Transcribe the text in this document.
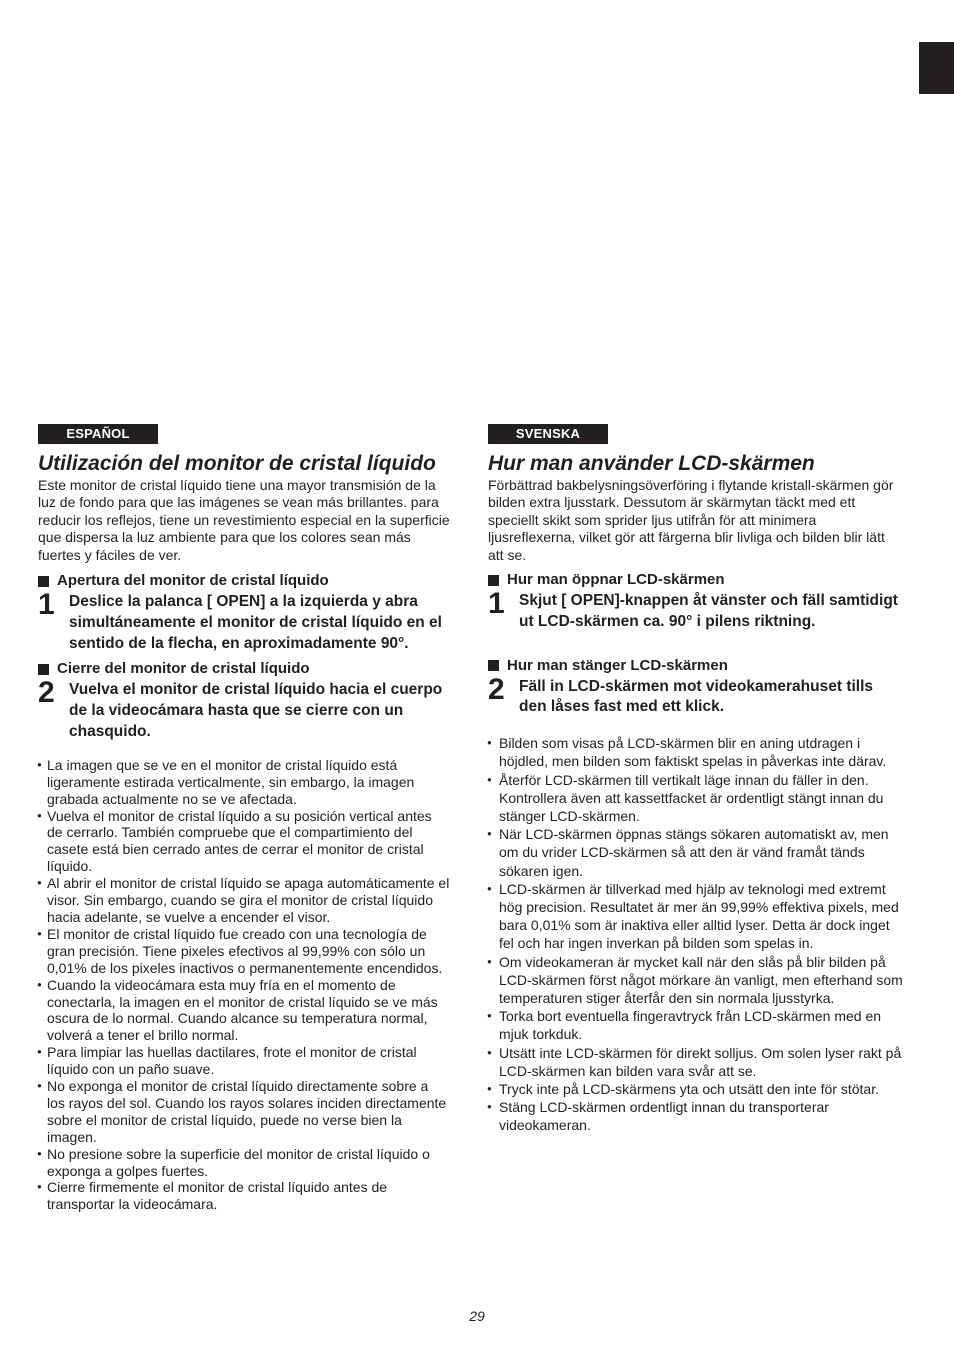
ESPAÑOL
Utilización del monitor de cristal líquido

Este monitor de cristal líquido tiene una mayor transmisión de la luz de fondo para que las imágenes se vean más brillantes. para reducir los reflejos, tiene un revestimiento especial en la superficie que dispersa la luz ambiente para que los colores sean más fuertes y fáciles de ver.

Apertura del monitor de cristal líquido
1 Deslice la palanca [ OPEN] a la izquierda y abra simultáneamente el monitor de cristal líquido en el sentido de la flecha, en aproximadamente 90°.
Cierre del monitor de cristal líquido
2 Vuelva el monitor de cristal líquido hacia el cuerpo de la videocámara hasta que se cierre con un chasquido.
● La imagen que se ve en el monitor de cristal líquido está ligeramente estirada verticalmente, sin embargo, la imagen grabada actualmente no se ve afectada.
● Vuelva el monitor de cristal líquido a su posición vertical antes de cerrarlo. También compruebe que el compartimiento del casete está bien cerrado antes de cerrar el monitor de cristal líquido.
● Al abrir el monitor de cristal líquido se apaga automáticamente el visor. Sin embargo, cuando se gira el monitor de cristal líquido hacia adelante, se vuelve a encender el visor.
● El monitor de cristal líquido fue creado con una tecnología de gran precisión. Tiene pixeles efectivos al 99,99% con sólo un 0,01% de los pixeles inactivos o permanentemente encendidos.
● Cuando la videocámara esta muy fría en el momento de conectarla, la imagen en el monitor de cristal líquido se ve más oscura de lo normal. Cuando alcance su temperatura normal, volverá a tener el brillo normal.
● Para limpiar las huellas dactilares, frote el monitor de cristal líquido con un paño suave.
● No exponga el monitor de cristal líquido directamente sobre a los rayos del sol. Cuando los rayos solares inciden directamente sobre el monitor de cristal líquido, puede no verse bien la imagen.
● No presione sobre la superficie del monitor de cristal líquido o exponga a golpes fuertes.
● Cierre firmemente el monitor de cristal líquido antes de transportar la videocámara.
SVENSKA
Hur man använder LCD-skärmen

Förbättrad bakbelysningsöverföring i flytande kristall-skärmen gör bilden extra ljusstark. Dessutom är skärmytan täckt med ett speciellt skikt som sprider ljus utifrån för att minimera ljusreflexerna, vilket gör att färgerna blir livliga och bilden blir lätt att se.

Hur man öppnar LCD-skärmen
1 Skjut [ OPEN]-knappen åt vänster och fäll samtidigt ut LCD-skärmen ca. 90° i pilens riktning.
Hur man stänger LCD-skärmen
2 Fäll in LCD-skärmen mot videokamerahuset tills den låses fast med ett klick.
● Bilden som visas på LCD-skärmen blir en aning utdragen i höjdled, men bilden som faktiskt spelas in påverkas inte därav.
● Återför LCD-skärmen till vertikalt läge innan du fäller in den. Kontrollera även att kassettfacket är ordentligt stängt innan du stänger LCD-skärmen.
● När LCD-skärmen öppnas stängs sökaren automatiskt av, men om du vrider LCD-skärmen så att den är vänd framåt tänds sökaren igen.
● LCD-skärmen är tillverkad med hjälp av teknologi med extremt hög precision. Resultatet är mer än 99,99% effektiva pixels, med bara 0,01% som är inaktiva eller alltid lyser. Detta är dock inget fel och har ingen inverkan på bilden som spelas in.
● Om videokameran är mycket kall när den slås på blir bilden på LCD-skärmen först något mörkare än vanligt, men efterhand som temperaturen stiger återfår den sin normala ljusstyrka.
● Torka bort eventuella fingeravtryck från LCD-skärmen med en mjuk torkduk.
● Utsätt inte LCD-skärmen för direkt solljus. Om solen lyser rakt på LCD-skärmen kan bilden vara svår att se.
● Tryck inte på LCD-skärmens yta och utsätt den inte för stötar.
● Stäng LCD-skärmen ordentligt innan du transporterar videokameran.
29
